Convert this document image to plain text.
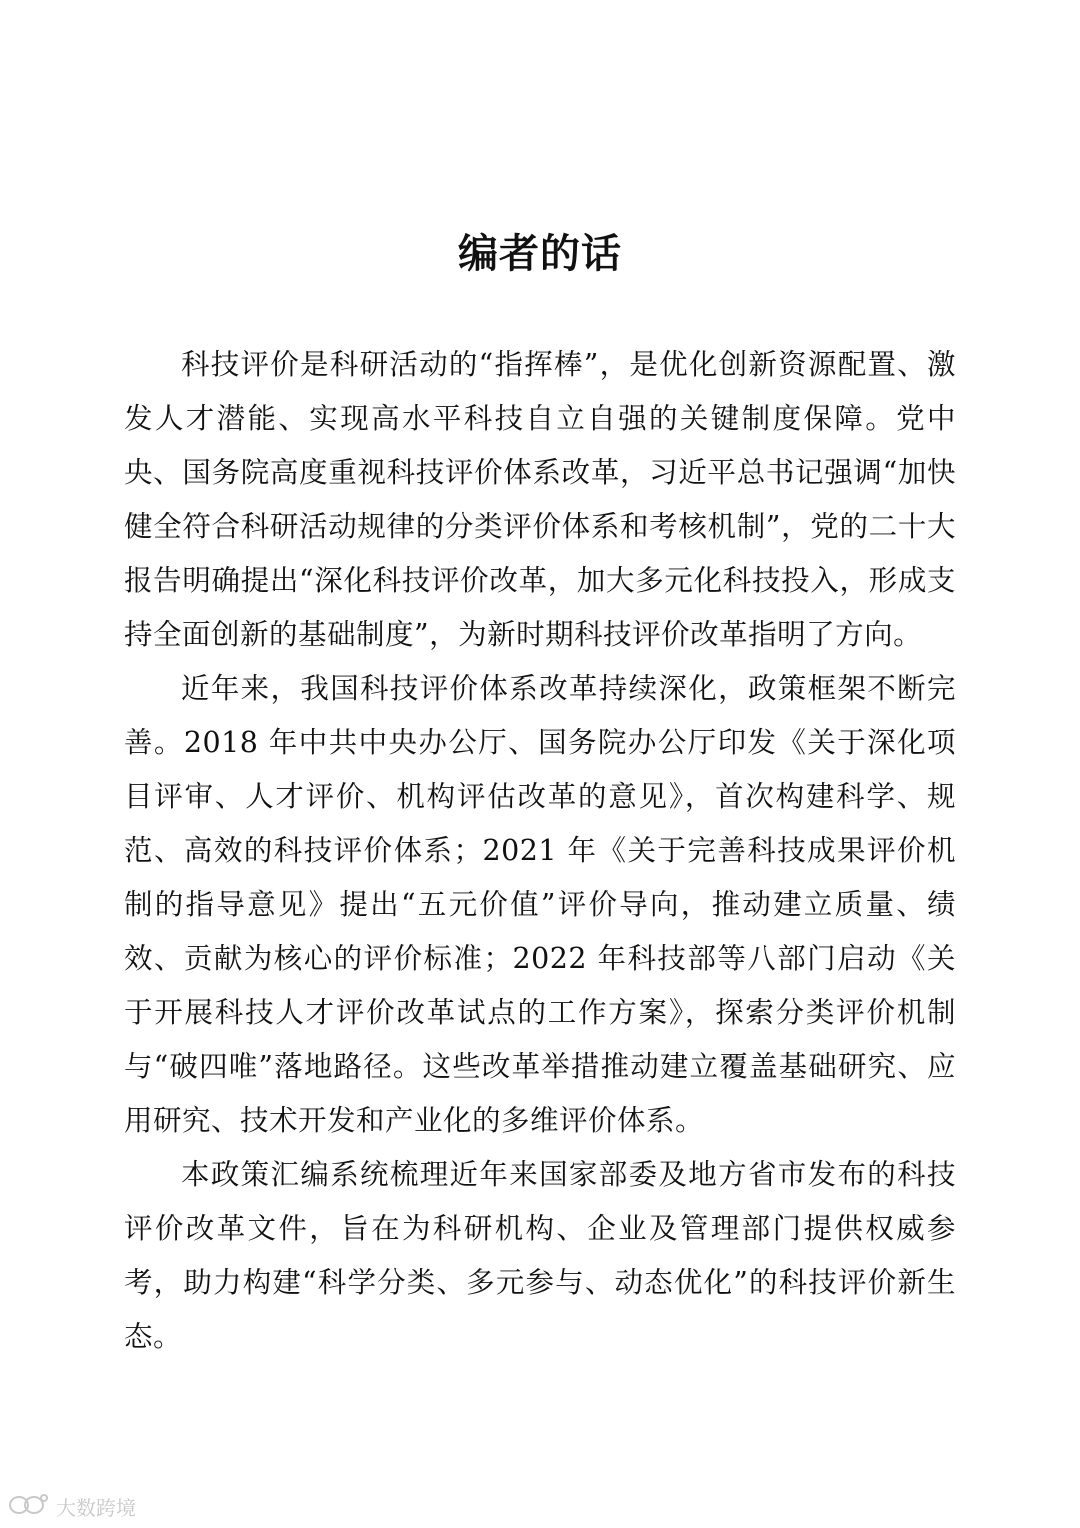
编者的话

科技评价是科研活动的“指挥棒”，是优化创新资源配置、激发人才潜能、实现高水平科技自立自强的关键制度保障。党中央、国务院高度重视科技评价体系改革，习近平总书记强调“加快健全符合科研活动规律的分类评价体系和考核机制”，党的二十大报告明确提出“深化科技评价改革，加大多元化科技投入，形成支持全面创新的基础制度”，为新时期科技评价改革指明了方向。

近年来，我国科技评价体系改革持续深化，政策框架不断完善。2018 年中共中央办公厅、国务院办公厅印发《关于深化项目评审、人才评价、机构评估改革的意见》，首次构建科学、规范、高效的科技评价体系；2021 年《关于完善科技成果评价机制的指导意见》提出“五元价值”评价导向，推动建立质量、绩效、贡献为核心的评价标准；2022 年科技部等八部门启动《关于开展科技人才评价改革试点的工作方案》，探索分类评价机制与“破四唯”落地路径。这些改革举措推动建立覆盖基础研究、应用研究、技术开发和产业化的多维评价体系。

本政策汇编系统梳理近年来国家部委及地方省市发布的科技评价改革文件，旨在为科研机构、企业及管理部门提供权威参考，助力构建“科学分类、多元参与、动态优化”的科技评价新生态。

大数跨境
